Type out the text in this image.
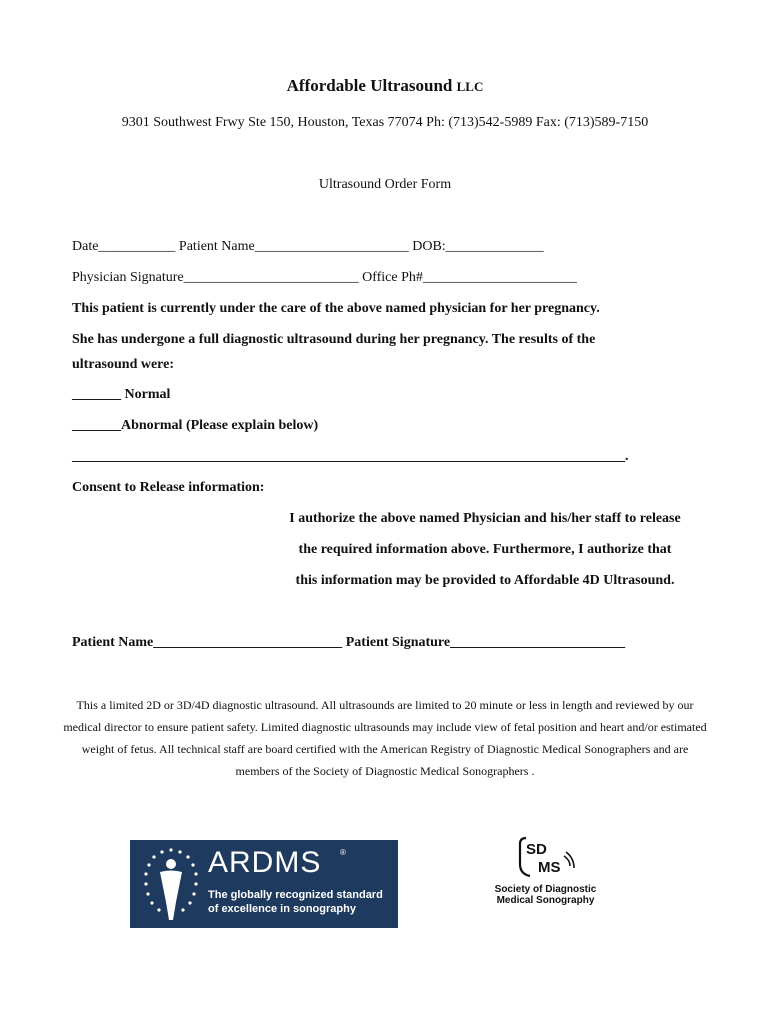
Affordable Ultrasound LLC
9301 Southwest Frwy Ste 150, Houston, Texas 77074 Ph: (713)542-5989 Fax: (713)589-7150
Ultrasound Order Form
Date___________ Patient Name______________________ DOB:______________
Physician Signature_________________________ Office Ph#______________________
This patient is currently under the care of the above named physician for her pregnancy.
She has undergone a full diagnostic ultrasound during her pregnancy. The results of the
ultrasound were:
_______ Normal
_______Abnormal (Please explain below)
_______________________________________________________________________________.
Consent to Release information:
I authorize the above named Physician and his/her staff to release
the required information above. Furthermore, I authorize that
this information may be provided to Affordable 4D Ultrasound.
Patient Name___________________________ Patient Signature_________________________
This a limited 2D or 3D/4D diagnostic ultrasound. All ultrasounds are limited to 20 minute or less in length and reviewed by our medical director to ensure patient safety. Limited diagnostic ultrasounds may include view of fetal position and heart and/or estimated weight of fetus. All technical staff are board certified with the American Registry of Diagnostic Medical Sonographers and are members of the Society of Diagnostic Medical Sonographers .
ARDMS ®
The globally recognized standard of excellence in sonography
SD
MS
Society of Diagnostic Medical Sonography
